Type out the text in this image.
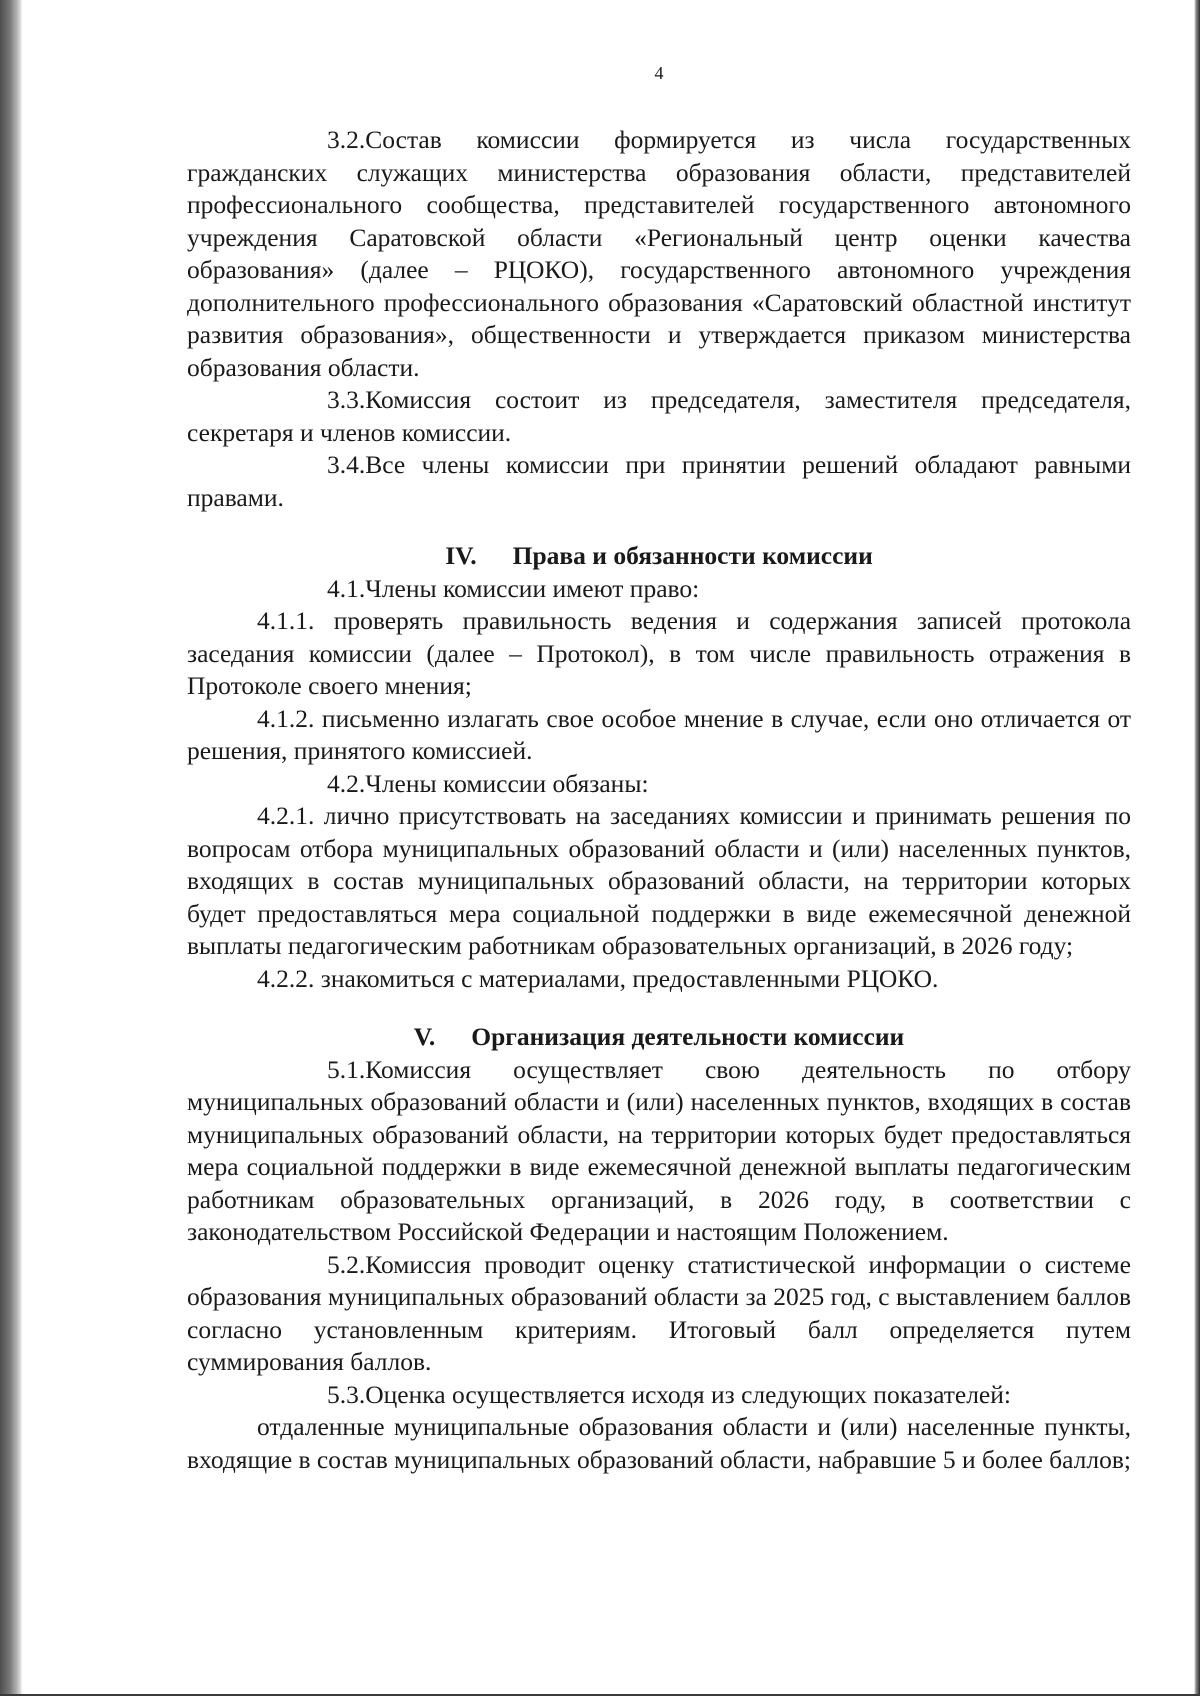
4

3.2.Состав комиссии формируется из числа государственных гражданских служащих министерства образования области, представителей профессионального сообщества, представителей государственного автономного учреждения Саратовской области «Региональный центр оценки качества образования» (далее – РЦОКО), государственного автономного учреждения дополнительного профессионального образования «Саратовский областной институт развития образования», общественности и утверждается приказом министерства образования области.

3.3.Комиссия состоит из председателя, заместителя председателя, секретаря и членов комиссии.

3.4.Все члены комиссии при принятии решений обладают равными правами.

IV. Права и обязанности комиссии

4.1.Члены комиссии имеют право:

4.1.1. проверять правильность ведения и содержания записей протокола заседания комиссии (далее – Протокол), в том числе правильность отражения в Протоколе своего мнения;

4.1.2. письменно излагать свое особое мнение в случае, если оно отличается от решения, принятого комиссией.

4.2.Члены комиссии обязаны:

4.2.1. лично присутствовать на заседаниях комиссии и принимать решения по вопросам отбора муниципальных образований области и (или) населенных пунктов, входящих в состав муниципальных образований области, на территории которых будет предоставляться мера социальной поддержки в виде ежемесячной денежной выплаты педагогическим работникам образовательных организаций, в 2026 году;

4.2.2. знакомиться с материалами, предоставленными РЦОКО.

V. Организация деятельности комиссии

5.1.Комиссия осуществляет свою деятельность по отбору муниципальных образований области и (или) населенных пунктов, входящих в состав муниципальных образований области, на территории которых будет предоставляться мера социальной поддержки в виде ежемесячной денежной выплаты педагогическим работникам образовательных организаций, в 2026 году, в соответствии с законодательством Российской Федерации и настоящим Положением.

5.2.Комиссия проводит оценку статистической информации о системе образования муниципальных образований области за 2025 год, с выставлением баллов согласно установленным критериям. Итоговый балл определяется путем суммирования баллов.

5.3.Оценка осуществляется исходя из следующих показателей:

отдаленные муниципальные образования области и (или) населенные пункты, входящие в состав муниципальных образований области, набравшие 5 и более баллов;
